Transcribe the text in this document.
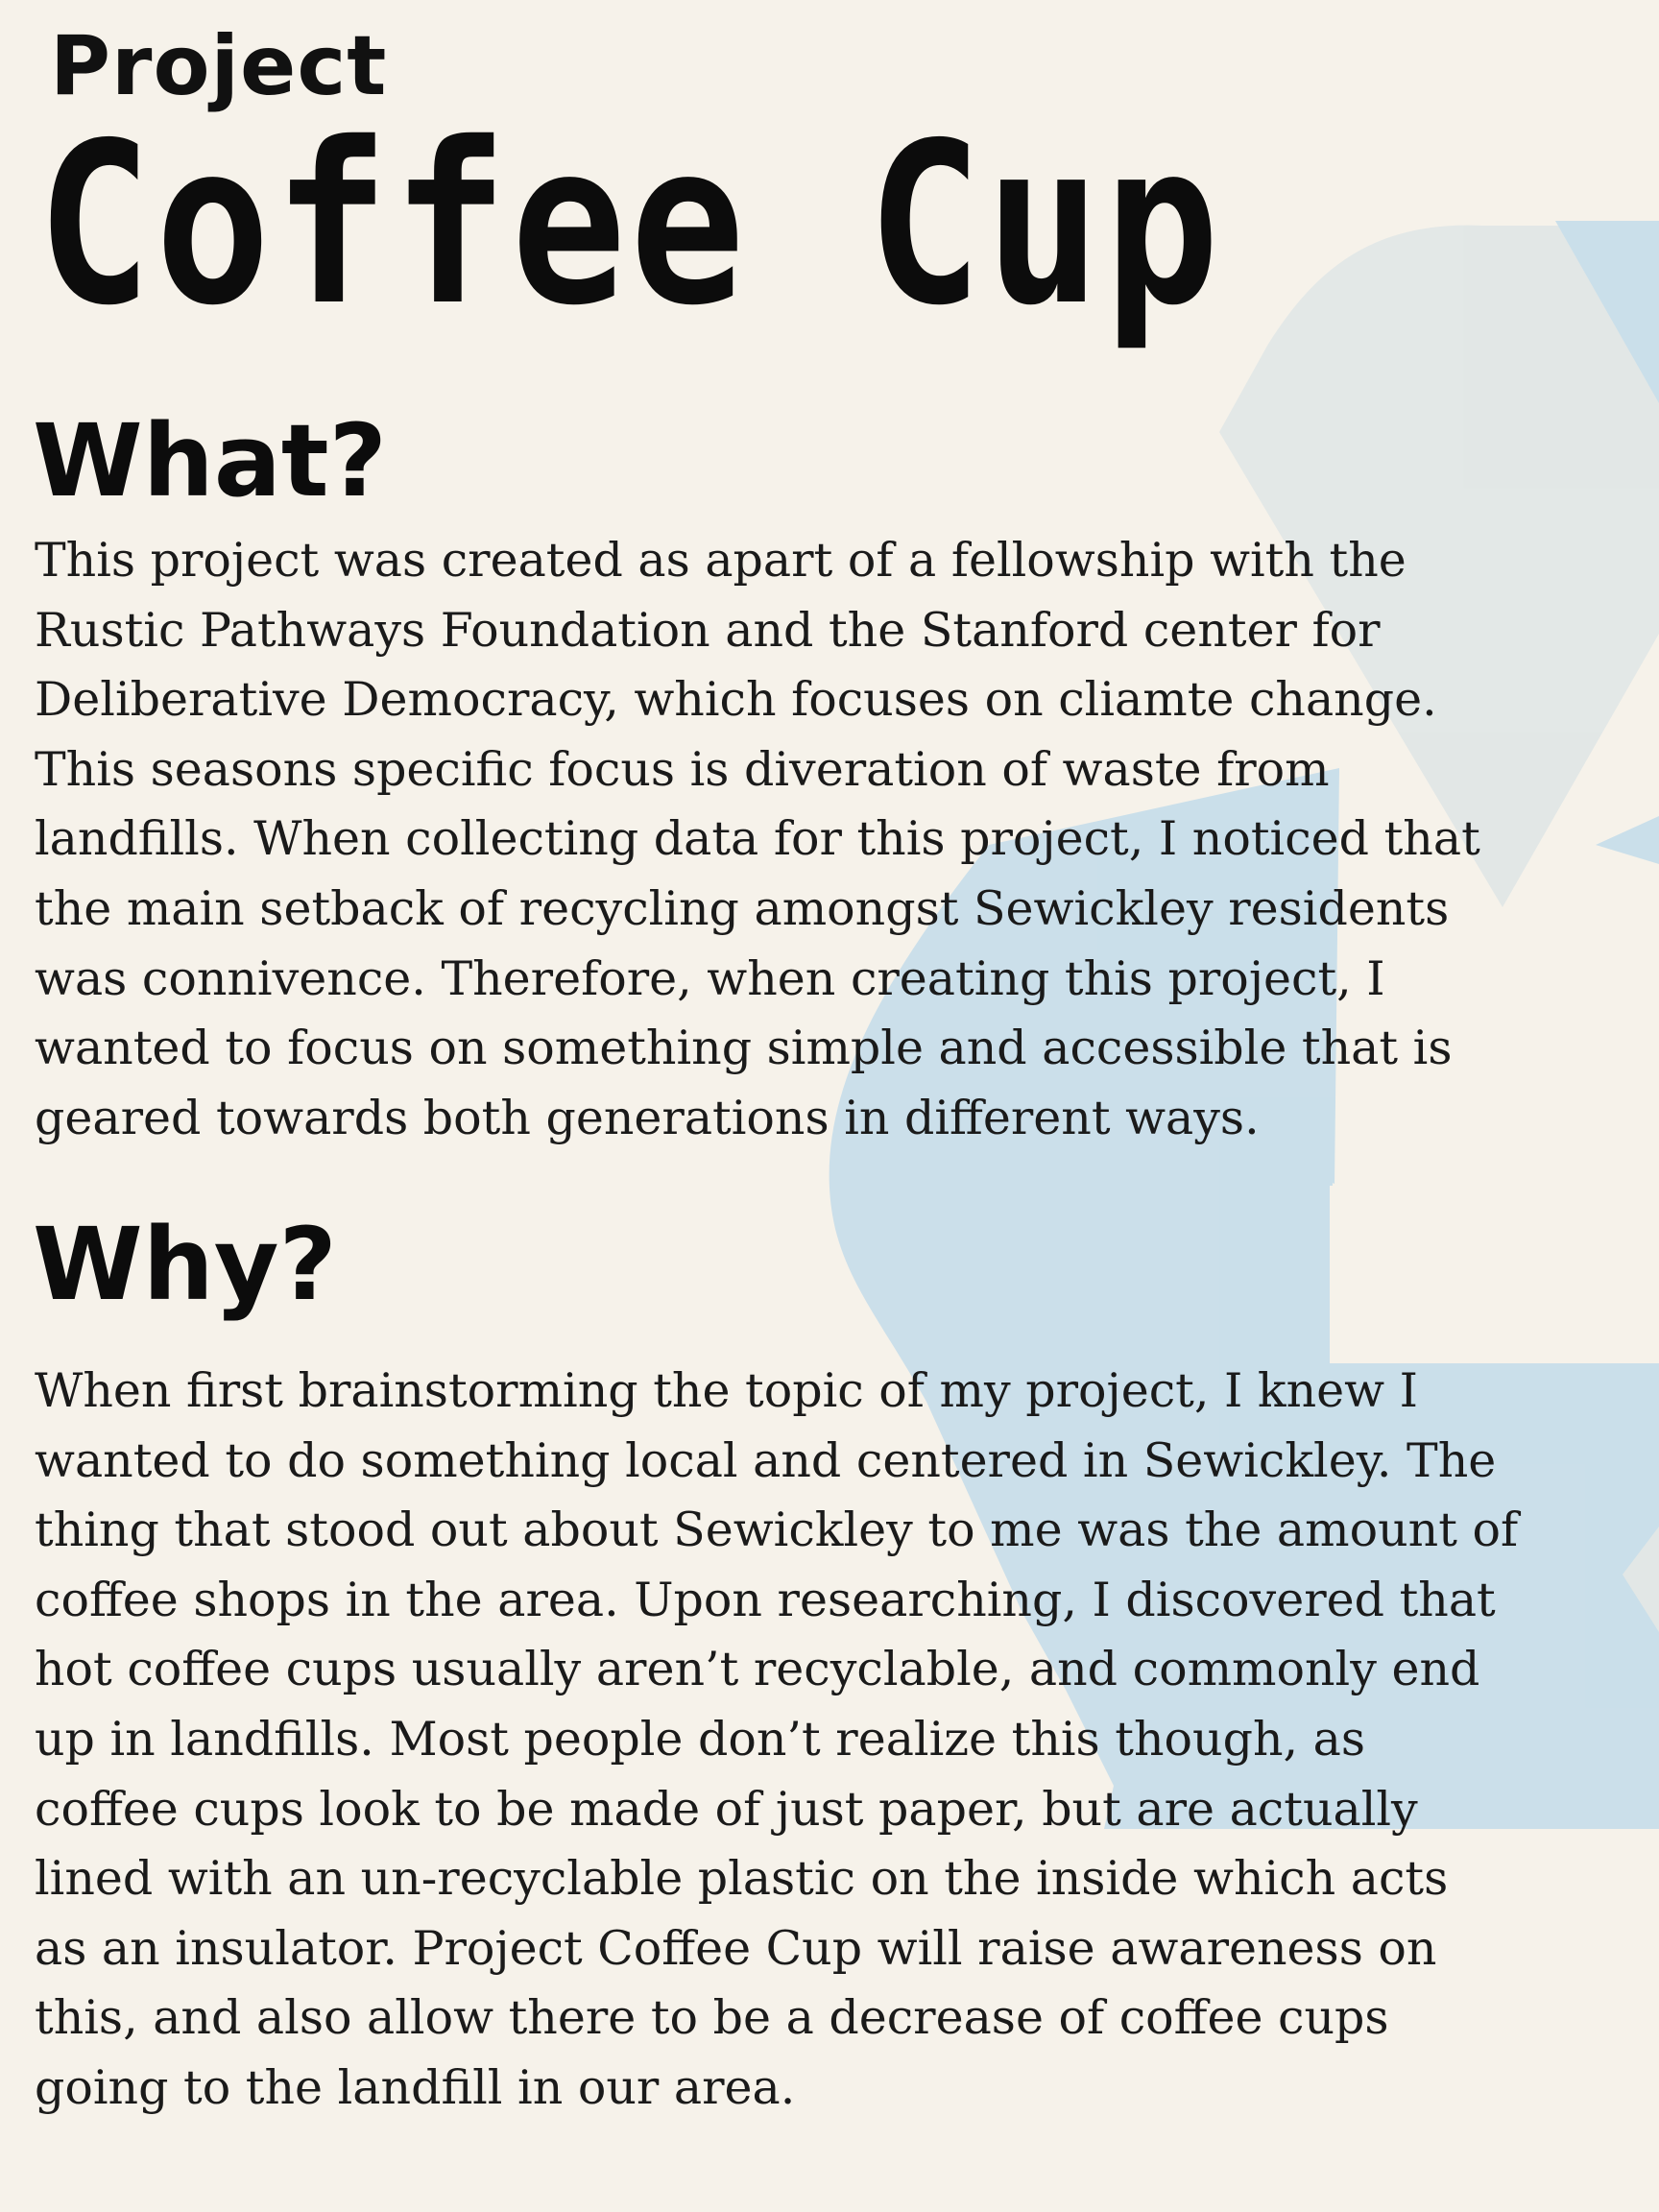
Project
Coffee Cup
What?
This project was created as apart of a fellowship with the
Rustic Pathways Foundation and the Stanford center for
Deliberative Democracy, which focuses on cliamte change.
This seasons specific focus is diveration of waste from
landfills. When collecting data for this project, I noticed that
the main setback of recycling amongst Sewickley residents
was connivence. Therefore, when creating this project, I
wanted to focus on something simple and accessible that is
geared towards both generations in different ways.
Why?
When first brainstorming the topic of my project, I knew I
wanted to do something local and centered in Sewickley. The
thing that stood out about Sewickley to me was the amount of
coffee shops in the area. Upon researching, I discovered that
hot coffee cups usually aren’t recyclable, and commonly end
up in landfills. Most people don’t realize this though, as
coffee cups look to be made of just paper, but are actually
lined with an un-recyclable plastic on the inside which acts
as an insulator. Project Coffee Cup will raise awareness on
this, and also allow there to be a decrease of coffee cups
going to the landfill in our area.
